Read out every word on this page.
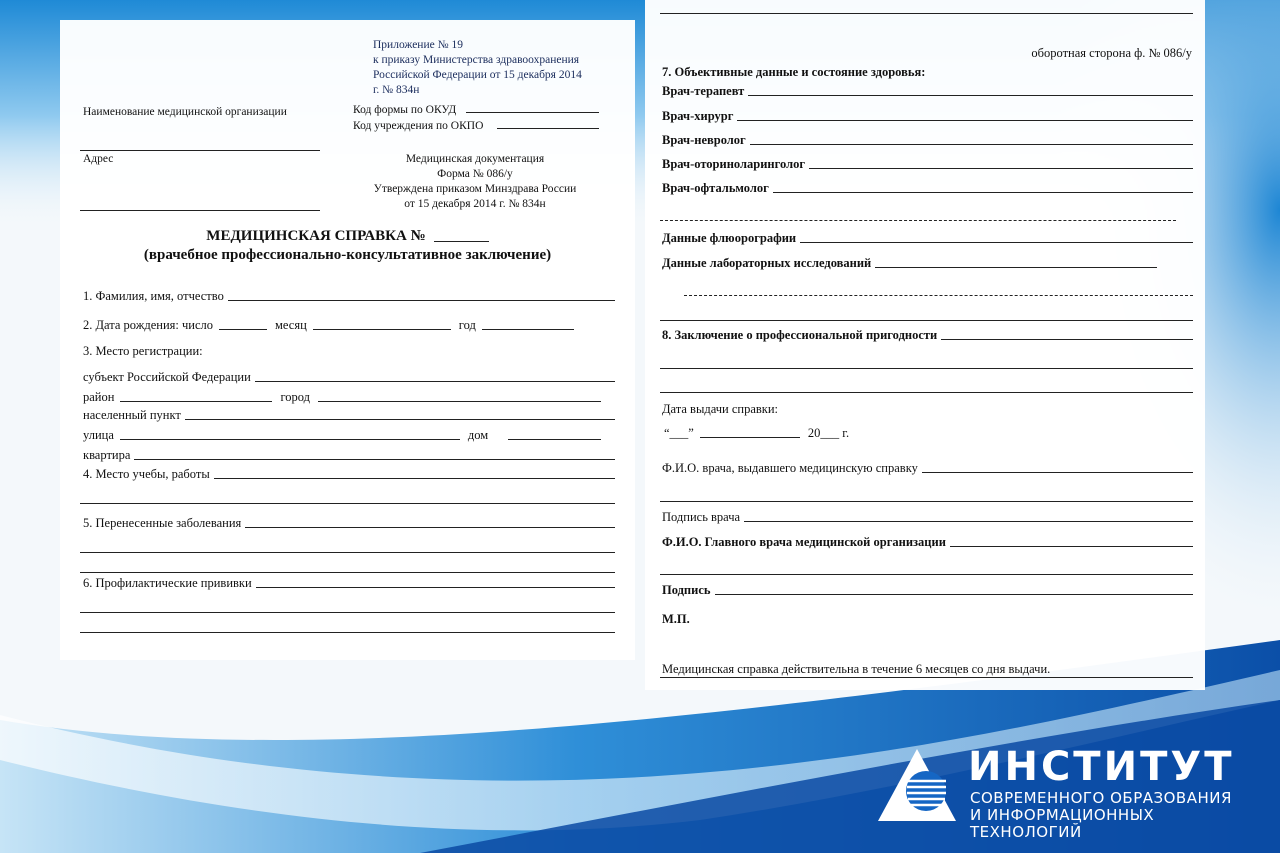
Приложение № 19
к приказу Министерства здравоохранения
Российской Федерации от 15 декабря 2014
г. № 834н
Наименование медицинской организации
Адрес
Код формы по ОКУД
Код учреждения по ОКПО
Медицинская документация
Форма № 086/у
Утверждена приказом Минздрава России
от 15 декабря 2014 г. № 834н
МЕДИЦИНСКАЯ СПРАВКА №
(врачебное профессионально-консультативное заключение)
1. Фамилия, имя, отчество
2. Дата рождения: число	месяц	год
3. Место регистрации:
субъект Российской Федерации
район	город
населенный пункт
улица	дом
квартира
4. Место учебы, работы
5. Перенесенные заболевания
6. Профилактические прививки
оборотная сторона ф. № 086/у
7. Объективные данные и состояние здоровья:
Врач-терапевт
Врач-хирург
Врач-невролог
Врач-оториноларинголог
Врач-офтальмолог
Данные флюорографии
Данные лабораторных исследований
8. Заключение о профессиональной пригодности
Дата выдачи справки:
“___”	20___ г.
Ф.И.О. врача, выдавшего медицинскую справку
Подпись врача
Ф.И.О. Главного врача медицинской организации
Подпись
М.П.
Медицинская справка действительна в течение 6 месяцев со дня выдачи.
ИНСТИТУТ
СОВРЕМЕННОГО ОБРАЗОВАНИЯ
И ИНФОРМАЦИОННЫХ ТЕХНОЛОГИЙ
